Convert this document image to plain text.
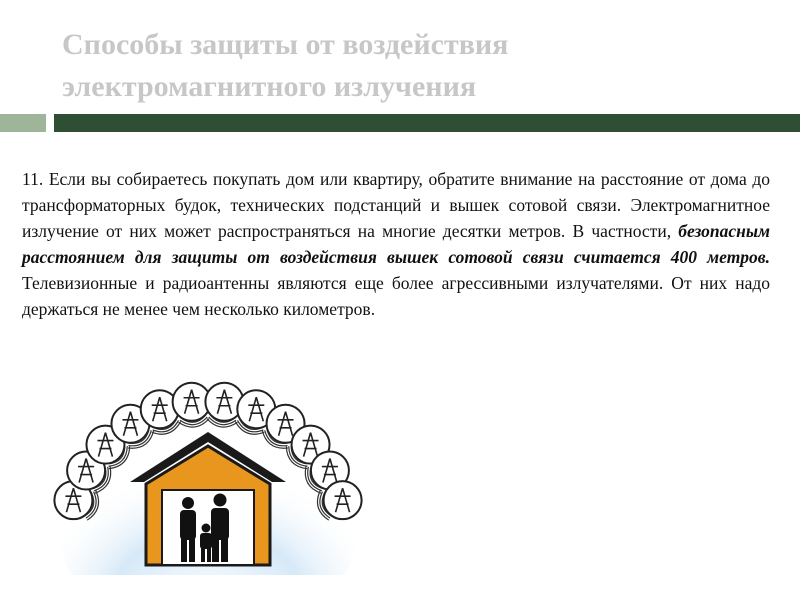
Способы защиты от воздействия
электромагнитного излучения
11. Если вы собираетесь покупать дом или квартиру, обратите внимание на расстояние от дома до трансформаторных будок, технических подстанций и вышек сотовой связи. Электромагнитное излучение от них может распространяться на многие десятки метров. В частности, безопасным расстоянием для защиты от воздействия вышек сотовой связи считается 400 метров. Телевизионные и радиоантенны являются еще более агрессивными излучателями. От них надо держаться не менее чем несколько километров.
